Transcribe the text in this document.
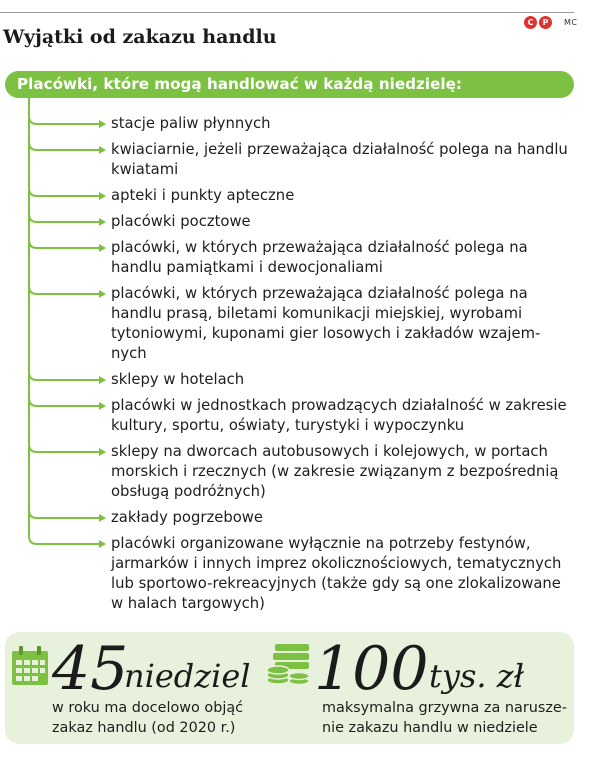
Wyjątki od zakazu handlu
C	P	MC
Placówki, które mogą handlować w każdą niedzielę:
stacje paliw płynnych
kwiaciarnie, jeżeli przeważająca działalność polega na handlu
kwiatami
apteki i punkty apteczne
placówki pocztowe
placówki, w których przeważająca działalność polega na
handlu pamiątkami i dewocjonaliami
placówki, w których przeważająca działalność polega na
handlu prasą, biletami komunikacji miejskiej, wyrobami
tytoniowymi, kuponami gier losowych i zakładów wzajem-
nych
sklepy w hotelach
placówki w jednostkach prowadzących działalność w zakresie
kultury, sportu, oświaty, turystyki i wypoczynku
sklepy na dworcach autobusowych i kolejowych, w portach
morskich i rzecznych (w zakresie związanym z bezpośrednią
obsługą podróżnych)
zakłady pogrzebowe
placówki organizowane wyłącznie na potrzeby festynów,
jarmarków i innych imprez okolicznościowych, tematycznych
lub sportowo-rekreacyjnych (także gdy są one zlokalizowane
w halach targowych)
45
niedziel
w roku ma docelowo objąć
zakaz handlu (od 2020 r.)
100 tys. zł
maksymalna grzywna za narusze-
nie zakazu handlu w niedziele
